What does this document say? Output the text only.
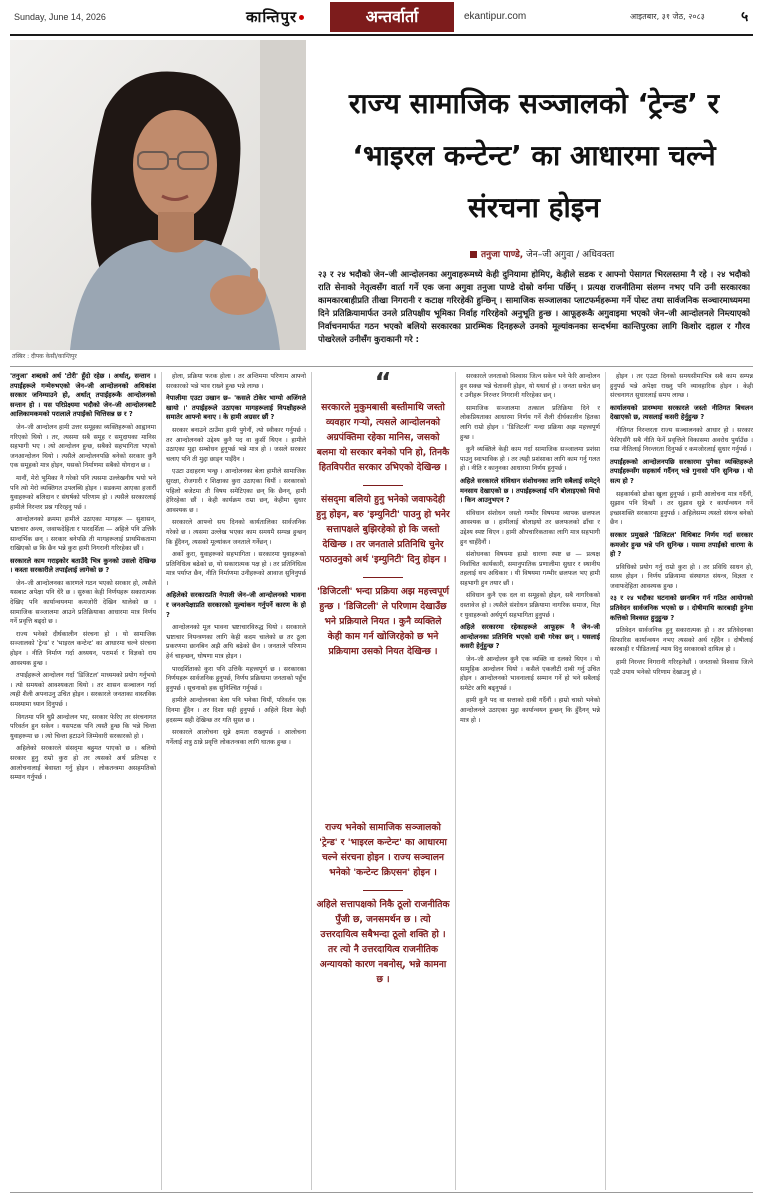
Sunday, June 14, 2026	कान्तिपुर	अन्तर्वार्ता	ekantipur.com	आइतबार, ३१ जेठ, २०८३	५
तस्बिर : दीपक केसी/कान्तिपुर
राज्य सामाजिक सञ्जालको ‘ट्रेन्ड’ र ‘भाइरल कन्टेन्ट’ का आधारमा चल्ने संरचना होइन
तनुजा पाण्डे, जेन–जी अगुवा / अधिवक्ता
२३ र २४ भदौको जेन–जी आन्दोलनका अगुवाहरूमध्ये केही दुनियामा होमिए, केहीले सडक र आफ्नो पेसागत भिरलस्तमा नै रहे । २४ भदौको राति सेनाको नेतृत्वसँग वार्ता गर्ने एक जना अगुवा तनुजा पाण्डे दोस्रो वर्गमा पर्छिन् । प्रत्यक्ष राजनीतिमा संलग्न नभए पनि उनी सरकारका कामकारबाहीप्रति तीखा निगरानी र कटाक्ष गरिरहेकी हुन्छिन् । सामाजिक सञ्जालका प्लाटफर्महरूमा गर्ने पोस्ट तथा सार्वजनिक सञ्चारमाध्यममा दिने प्रतिक्रियामार्फत उनले प्रतिपक्षीय भूमिका निर्वाह गरिरहेको अनुभूति हुन्छ । आफूहरूकै अगुवाइमा भएको जेन–जी आन्दोलनले निम्त्याएको निर्वाचनमार्फत गठन भएको बलियो सरकारका प्रारम्भिक दिनहरूले उनको मूल्यांकनका सन्दर्भमा कान्तिपुरका लागि किशोर दहाल र गौरव पोखरेलले उनीसँग कुराकानी गरे :

'तनुजा' शब्दको अर्थ 'टोरी' हुँदो रहेछ । अर्थात्, सन्तान । तपाईंहरूले गन्मेरुभएको जेन–जी आन्दोलनको अधिकांश सरकार जनिम्याउने हो, अर्थात् तपाईंहरूकै आन्दोलनको सन्तान हो । यस परिप्रेक्ष्यमा भदौको जेन–जी आन्दोलनबाटै आलिकामकमको परालाले तपाईंको चित्तिसन्न छ र ?

जेन–जी आन्दोलन हामी उत्तर समूहका व्यक्तिहरूको आह्वानमा गरिएको थियो । तर, त्यसमा सबै समूह र समुदायका मानिस सहभागी भए । त्यो आन्दोलन हुन्छ, सबैको सहभागिता भएको जनआन्दोलन थियो । त्यसैले आन्दोलनपछि बनेको सरकार कुनै एक समूहको मात्र होइन, यसको निर्माणमा सबैको योगदान छ ।

मानौं, मेरो भूमिका नै गरेको पनि त्यसमा उल्लेखनीय भयो भने पनि त्यो मेरो व्यक्तिगत उपलब्धि होइन । सडकमा आएका हजारौं युवाहरूको बलिदान र संघर्षको परिणाम हो । त्यसैले सरकारलाई हामीले निरन्तर प्रश्न गरिरहनु पर्छ ।

आन्दोलनको क्रममा हामीले उठाएका मागहरू — सुशासन, भ्रष्टाचार अन्त्य, जवाफदेहिता र पारदर्शिता — अहिले पनि उत्तिकै सान्दर्भिक छन् । सरकार बनेपछि ती मागहरूलाई प्राथमिकतामा राखिएको छ कि छैन भन्ने कुरा हामी निगरानी गरिरहेका छौं ।

सरकारले काम गराइकोर बताउँदै भित्र कुनको उसलो देखिन्छ । कस्ता सरकारीले तपाईंलाई लागेको छ ?

जेन–जी आन्दोलनका कारणले गठन भएको सरकार हो, त्यसैले यसबाट अपेक्षा पनि धेरै छ । सुरुका केही निर्णयहरू सकारात्मक देखिए पनि कार्यान्वयनमा कमजोरी देखिन थालेको छ । सामाजिक सञ्जालमा आउने प्रतिक्रियाका आधारमा मात्र निर्णय गर्ने प्रवृत्ति बढ्दो छ ।

राज्य भनेको दीर्घकालीन संरचना हो । यो सामाजिक सञ्जालको 'ट्रेन्ड' र 'भाइरल कन्टेन्ट' का आधारमा चल्ने संरचना होइन । नीति निर्माण गर्दा अध्ययन, परामर्श र विज्ञको राय आवश्यक हुन्छ ।

तपाईंहरूले आन्दोलन गर्दा 'डिजिटल' माध्यमको प्रयोग गर्नुभयो । त्यो समयको आवश्यकता थियो । तर शासन सञ्चालन गर्दा त्यही शैली अपनाउनु उचित होइन । सरकारले जनताका वास्तविक समस्यामा ध्यान दिनुपर्छ ।

विगतमा पनि थुप्रै आन्दोलन भए, सरकार फेरिए तर संरचनागत परिवर्तन हुन सकेन । यसपटक पनि त्यस्तै हुन्छ कि भन्ने चिन्ता युवाहरूमा छ । त्यो चिन्ता हटाउने जिम्मेवारी सरकारको हो ।

अहिलेको सरकारले संसद्‌मा बहुमत पाएको छ । बलियो सरकार हुनु राम्रो कुरा हो तर त्यसको अर्थ प्रतिपक्ष र आलोचनालाई बेवास्ता गर्नु होइन । लोकतन्त्रमा असहमतिको सम्मान गर्नुपर्छ ।

होला, प्रक्रिया फरक होला । तर अन्तिममा परिणाम आफ्नो सरकारको भन्ने भाव राख्ने हुन्छ भन्ने लाग्छ ।

नेपालीमा एउटा उखान छ– 'कसले टोकेर भाग्यो अजिंगले खायो ।' तपाईंहरूले उठाएका मागहरूलाई विपक्षीहरूले समातेर आफ्नो बनाए । के हामी अग्रसर छौं ?

सरकार बनाउने ठाउँमा हामी पुगेनौं, त्यो स्वीकार गर्नुपर्छ । तर आन्दोलनको उद्देश्य कुनै पद वा कुर्सी थिएन । हामीले उठाएका मुद्दा सम्बोधन हुनुपर्छ भन्ने मात्र हो । जसले सरकार चलाए पनि ती मुद्दा छाड्न पाइँदैन ।

एउटा उदाहरण भन्छु । आन्दोलनका बेला हामीले सामाजिक सुरक्षा, रोजगारी र शिक्षाका कुरा उठाएका थियौं । सरकारको पहिलो बजेटमा ती विषय समेटिएका छन् कि छैनन्, हामी हेरिरहेका छौं । केही कार्यक्रम राम्रा छन्, केहीमा सुधार आवश्यक छ ।

सरकारले आफ्नो सय दिनको कार्यतालिका सार्वजनिक गरेको छ । त्यसमा उल्लेख भएका काम समयमै सम्पन्न हुन्छन् कि हुँदैनन्, त्यसको मूल्यांकन जनताले गर्नेछन् ।

अर्को कुरा, युवाहरूको सहभागिता । सरकारमा युवाहरूको प्रतिनिधित्व बढेको छ, यो सकारात्मक पक्ष हो । तर प्रतिनिधित्व मात्र पर्याप्त छैन, नीति निर्माणमा उनीहरूको आवाज सुनिनुपर्छ ।

अहिलेको सरकारप्रति नेपाली जेन–जी आन्दोलनको भावना र जनअपेक्षाप्रति सरकारको मूल्यांकन गर्नुपर्ने कारण के हो ?

आन्दोलनको मूल भावना भ्रष्टाचारविरुद्ध थियो । सरकारले भ्रष्टाचार नियन्त्रणका लागि केही कदम चालेको छ तर ठूला प्रकरणमा छानबिन अझै अघि बढेको छैन । जनताले परिणाम हेर्न चाहन्छन्, घोषणा मात्र होइन ।

पारदर्शिताको कुरा पनि उत्तिकै महत्त्वपूर्ण छ । सरकारका निर्णयहरू सार्वजनिक हुनुपर्छ, निर्णय प्रक्रियामा जनताको पहुँच हुनुपर्छ । सूचनाको हक सुनिश्चित गर्नुपर्छ ।

हामीले आन्दोलनका बेला पनि भनेका थियौं, परिवर्तन एक दिनमा हुँदैन । तर दिशा सही हुनुपर्छ । अहिले दिशा केही हदसम्म सही देखिन्छ तर गति सुस्त छ ।

सरकारले आलोचना सुन्ने क्षमता राख्नुपर्छ । आलोचना गर्नेलाई शत्रु ठान्ने प्रवृत्ति लोकतन्त्रका लागि घातक हुन्छ ।

“
सरकारले मुकुमबासी बस्तीमाथि जस्तो व्यवहार गऱ्यो, त्यसले आन्दोलनको अग्रपंक्तिमा रहेका मानिस, जसको बलमा यो सरकार बनेको पनि हो, तिनकै हितविपरीत सरकार उभिएको देखिन्छ ।
संसद्‌मा बलियो हुनु भनेको जवाफदेही हुनु होइन, बरु 'इम्युनिटी' पाउनु हो भनेर सत्तापक्षले बुझिरहेको हो कि जस्तो देखिन्छ । तर जनताले प्रतिनिधि चुनेर पठाउनुको अर्थ 'इम्युनिटी' दिनु होइन ।
'डिजिटली' भन्दा प्रक्रिया अझ महत्त्वपूर्ण हुन्छ । 'डिजिटली' ले परिणाम देखाउँछ भने प्रक्रियाले नियत । कुनै व्यक्तिले केही काम गर्न खोजिरहेको छ भने प्रक्रियामा उसको नियत देखिन्छ ।
राज्य भनेको सामाजिक सञ्जालको 'ट्रेन्ड' र 'भाइरल कन्टेन्ट' का आधारमा चल्ने संरचना होइन । राज्य सञ्चालन भनेको 'कन्टेन्ट क्रिएसन' होइन ।
अहिले सत्तापक्षको निकै ठूलो राजनीतिक पुँजी छ, जनसमर्थन छ । त्यो उत्तरदायित्व सबैभन्दा ठूलो शक्ति हो । तर त्यो नै उत्तरदायित्व राजनीतिक अन्यायको कारण नबनोस्, भन्ने कामना छ ।

सरकारले जनताको विश्वास जित्न सकेन भने फेरि आन्दोलन हुन सक्छ भन्ने चेतावनी होइन, यो यथार्थ हो । जनता सचेत छन् र उनीहरू निरन्तर निगरानी गरिरहेका छन् ।

सामाजिक सञ्जालमा तत्काल प्रतिक्रिया दिने र लोकप्रियताका आधारमा निर्णय गर्ने शैली दीर्घकालीन हितका लागि राम्रो होइन । 'डिजिटली' मन्दा प्रक्रिया अझ महत्त्वपूर्ण हुन्छ ।

कुनै व्यक्तिले केही काम गर्दा सामाजिक सञ्जालमा प्रशंसा पाउनु स्वाभाविक हो । तर त्यही प्रशंसाका लागि काम गर्नु गलत हो । नीति र कानुनका आधारमा निर्णय हुनुपर्छ ।

अहिले सरकारले संविधान संशोधनका लागि सबैलाई समेट्ने मनसाय देखाएको छ । तपाईंहरूलाई पनि बोलाइएको थियो । किन आउनुभएन ?

संविधान संशोधन जस्तो गम्भीर विषयमा व्यापक छलफल आवश्यक छ । हामीलाई बोलाइयो तर छलफलको ढाँचा र उद्देश्य स्पष्ट थिएन । हामी औपचारिकताका लागि मात्र सहभागी हुन चाहँदैनौं ।

संशोधनका विषयमा हाम्रो धारणा स्पष्ट छ — प्रत्यक्ष निर्वाचित कार्यकारी, समानुपातिक प्रणालीमा सुधार र स्थानीय तहलाई थप अधिकार । यी विषयमा गम्भीर छलफल भए हामी सहभागी हुन तयार छौं ।

संविधान कुनै एक दल वा समूहको होइन, सबै नागरिकको दस्तावेज हो । त्यसैले संशोधन प्रक्रियामा नागरिक समाज, विज्ञ र युवाहरूको अर्थपूर्ण सहभागिता हुनुपर्छ ।

अहिले सरकारमा रहेकाहरूले आफूहरू नै जेन–जी आन्दोलनका प्रतिनिधि भएको दाबी गरेका छन् । यसलाई कसरी हेर्नुहुन्छ ?

जेन–जी आन्दोलन कुनै एक व्यक्ति वा दलको थिएन । यो सामूहिक आन्दोलन थियो । कसैले एकलौटी दाबी गर्नु उचित होइन । आन्दोलनको भावनालाई सम्मान गर्ने हो भने सबैलाई समेटेर अघि बढ्नुपर्छ ।

हामी कुनै पद वा सत्ताको दाबी गर्दैनौं । हाम्रो चासो भनेको आन्दोलनले उठाएका मुद्दा कार्यान्वयन हुन्छन् कि हुँदैनन् भन्ने मात्र हो ।

होइन । तर एउटा दिनको समयसीमाभित्र सबै काम सम्पन्न हुनुपर्छ भन्ने अपेक्षा राख्नु पनि व्यावहारिक होइन । केही संरचनागत सुधारलाई समय लाग्छ ।

कार्यालयको प्रारम्भमा सरकारले जस्तो नीतिगत बिचलन देखाएको छ, त्यसलाई कसरी हेर्नुहुन्छ ?

नीतिगत निरन्तरता राज्य सञ्चालनको आधार हो । सरकार फेरिएसँगै सबै नीति फेर्ने प्रवृत्तिले विकासमा अवरोध पुर्याउँछ । राम्रा नीतिलाई निरन्तरता दिनुपर्छ र कमजोरलाई सुधार गर्नुपर्छ ।

तपाईंहरूको आन्दोलनपछि सरकारमा पुगेका व्यक्तिहरूले तपाईंहरूसँग सहकार्य गर्दैनन् भन्ने गुनासो पनि सुनिन्छ । यो सत्य हो ?

सहकार्यको ढोका खुला हुनुपर्छ । हामी आलोचना मात्र गर्दैनौं, सुझाव पनि दिन्छौं । तर सुझाव सुन्ने र कार्यान्वयन गर्ने इच्छाशक्ति सरकारमा हुनुपर्छ । अहिलेसम्म त्यस्तो संयन्त्र बनेको छैन ।

सरकार प्रमुखले 'डिजिटल' विधिबाट निर्णय गर्दा सरकार कमजोर हुन्छ भन्ने पनि सुनिन्छ । यसमा तपाईंको धारणा के हो ?

प्रविधिको प्रयोग गर्नु राम्रो कुरा हो । तर प्रविधि साधन हो, साध्य होइन । निर्णय प्रक्रियामा संस्थागत संयन्त्र, विज्ञता र जवाफदेहिता आवश्यक हुन्छ ।

२३ र २४ भदौका घटनाको छानबिन गर्न गठित आयोगको प्रतिवेदन सार्वजनिक भएको छ । दोषीमाथि कारबाही हुनेमा कत्तिको विश्वस्त हुनुहुन्छ ?

प्रतिवेदन सार्वजनिक हुनु सकारात्मक हो । तर प्रतिवेदनका सिफारिस कार्यान्वयन नभए त्यसको अर्थ रहँदैन । दोषीलाई कारबाही र पीडितलाई न्याय दिनु सरकारको दायित्व हो ।

हामी निरन्तर निगरानी गरिरहनेछौं । जनताको विश्वास जित्ने एउटै उपाय भनेको परिणाम देखाउनु हो ।
